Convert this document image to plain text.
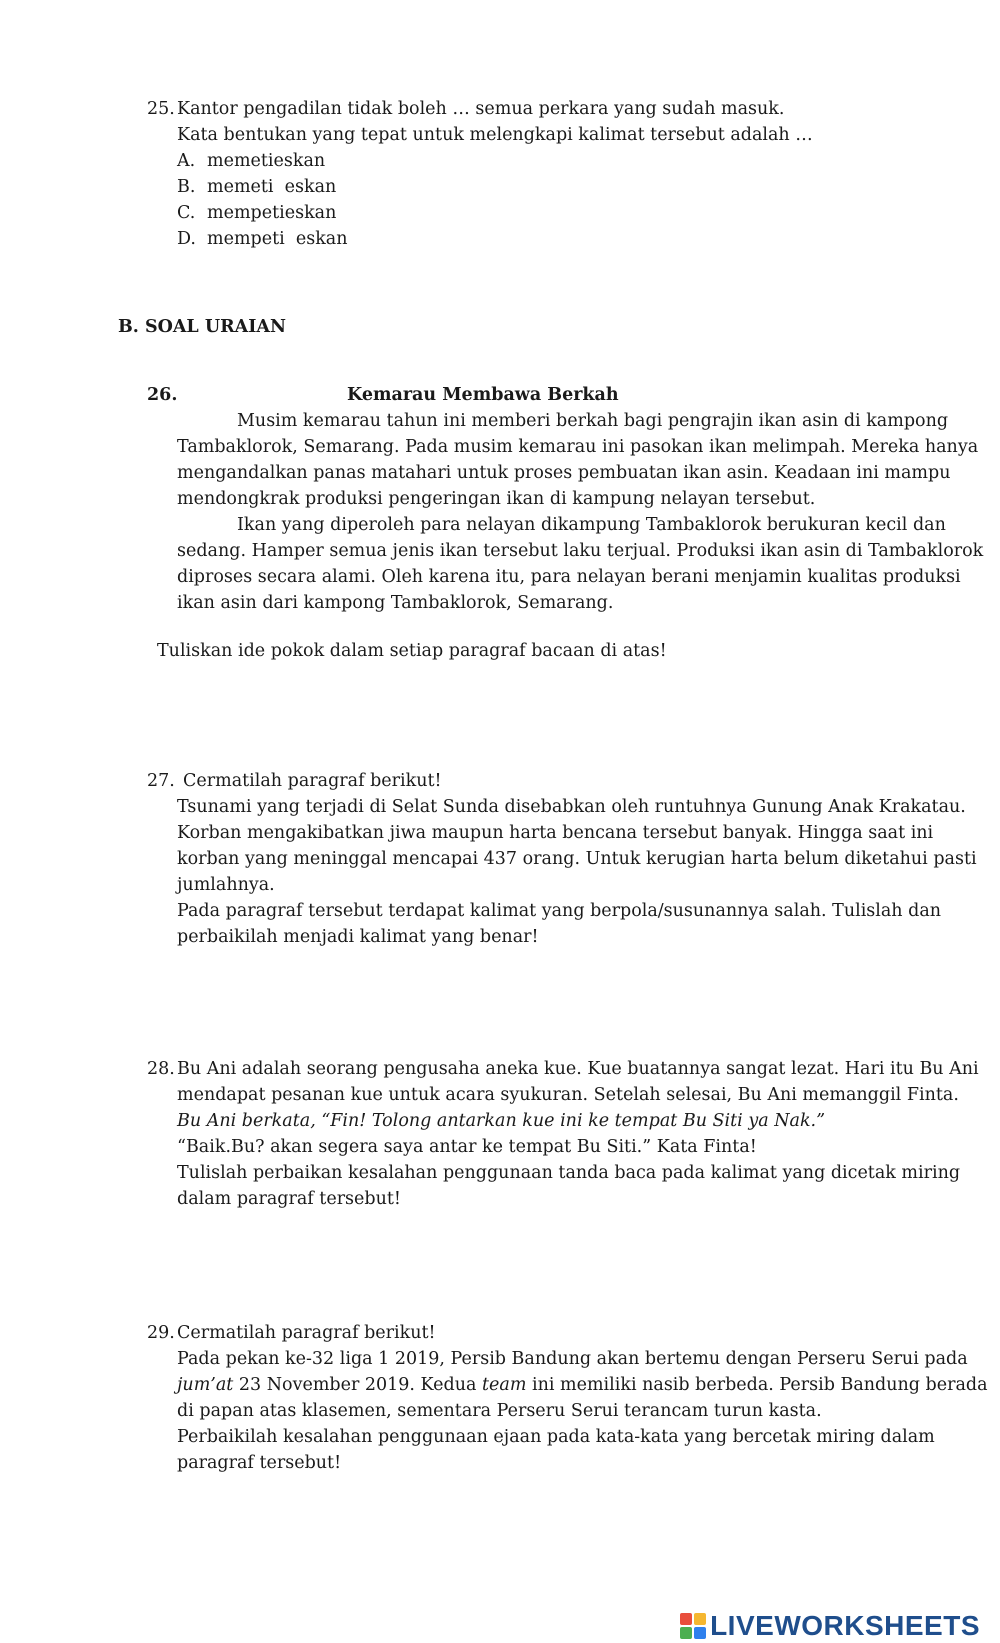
25. Kantor pengadilan tidak boleh … semua perkara yang sudah masuk.
Kata bentukan yang tepat untuk melengkapi kalimat tersebut adalah …
A. memetieskan
B. memeti  eskan
C. mempetieskan
D. mempeti  eskan
B. SOAL URAIAN
26.	Kemarau Membawa Berkah
Musim kemarau tahun ini memberi berkah bagi pengrajin ikan asin di kampong
Tambaklorok, Semarang. Pada musim kemarau ini pasokan ikan melimpah. Mereka hanya
mengandalkan panas matahari untuk proses pembuatan ikan asin. Keadaan ini mampu
mendongkrak produksi pengeringan ikan di kampung nelayan tersebut.
Ikan yang diperoleh para nelayan dikampung Tambaklorok berukuran kecil dan
sedang. Hamper semua jenis ikan tersebut laku terjual. Produksi ikan asin di Tambaklorok
diproses secara alami. Oleh karena itu, para nelayan berani menjamin kualitas produksi
ikan asin dari kampong Tambaklorok, Semarang.
Tuliskan ide pokok dalam setiap paragraf bacaan di atas!
27. Cermatilah paragraf berikut!
Tsunami yang terjadi di Selat Sunda disebabkan oleh runtuhnya Gunung Anak Krakatau.
Korban mengakibatkan jiwa maupun harta bencana tersebut banyak. Hingga saat ini
korban yang meninggal mencapai 437 orang. Untuk kerugian harta belum diketahui pasti
jumlahnya.
Pada paragraf tersebut terdapat kalimat yang berpola/susunannya salah. Tulislah dan
perbaikilah menjadi kalimat yang benar!
28. Bu Ani adalah seorang pengusaha aneka kue. Kue buatannya sangat lezat. Hari itu Bu Ani
mendapat pesanan kue untuk acara syukuran. Setelah selesai, Bu Ani memanggil Finta.
Bu Ani berkata, “Fin! Tolong antarkan kue ini ke tempat Bu Siti ya Nak.”
“Baik.Bu? akan segera saya antar ke tempat Bu Siti.” Kata Finta!
Tulislah perbaikan kesalahan penggunaan tanda baca pada kalimat yang dicetak miring
dalam paragraf tersebut!
29. Cermatilah paragraf berikut!
Pada pekan ke-32 liga 1 2019, Persib Bandung akan bertemu dengan Perseru Serui pada
jum’at 23 November 2019. Kedua team ini memiliki nasib berbeda. Persib Bandung berada
di papan atas klasemen, sementara Perseru Serui terancam turun kasta.
Perbaikilah kesalahan penggunaan ejaan pada kata-kata yang bercetak miring dalam
paragraf tersebut!
LIVEWORKSHEETS
